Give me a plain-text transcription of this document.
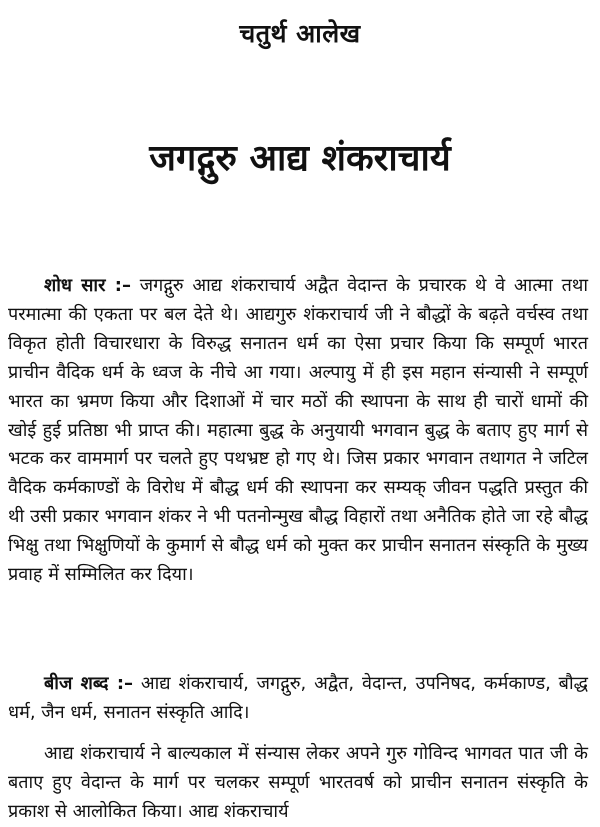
चतुर्थ आलेख
जगद्गुरु आद्य शंकराचार्य

शोध सार :– जगद्गुरु आद्य शंकराचार्य अद्वैत वेदान्त के प्रचारक थे वे आत्मा तथा परमात्मा की एकता पर बल देते थे। आद्यगुरु शंकराचार्य जी ने बौद्धों के बढ़ते वर्चस्व तथा विकृत होती विचारधारा के विरुद्ध सनातन धर्म का ऐसा प्रचार किया कि सम्पूर्ण भारत प्राचीन वैदिक धर्म के ध्वज के नीचे आ गया। अल्पायु में ही इस महान संन्यासी ने सम्पूर्ण भारत का भ्रमण किया और दिशाओं में चार मठों की स्थापना के साथ ही चारों धामों की खोई हुई प्रतिष्ठा भी प्राप्त की। महात्मा बुद्ध के अनुयायी भगवान बुद्ध के बताए हुए मार्ग से भटक कर वाममार्ग पर चलते हुए पथभ्रष्ट हो गए थे। जिस प्रकार भगवान तथागत ने जटिल वैदिक कर्मकाण्डों के विरोध में बौद्ध धर्म की स्थापना कर सम्यक् जीवन पद्धति प्रस्तुत की थी उसी प्रकार भगवान शंकर ने भी पतनोन्मुख बौद्ध विहारों तथा अनैतिक होते जा रहे बौद्ध भिक्षु तथा भिक्षुणियों के कुमार्ग से बौद्ध धर्म को मुक्त कर प्राचीन सनातन संस्कृति के मुख्य प्रवाह में सम्मिलित कर दिया।

बीज शब्द :– आद्य शंकराचार्य, जगद्गुरु, अद्वैत, वेदान्त, उपनिषद, कर्मकाण्ड, बौद्ध धर्म, जैन धर्म, सनातन संस्कृति आदि।

आद्य शंकराचार्य ने बाल्यकाल में संन्यास लेकर अपने गुरु गोविन्द भागवत पात जी के बताए हुए वेदान्त के मार्ग पर चलकर सम्पूर्ण भारतवर्ष को प्राचीन सनातन संस्कृति के प्रकाश से आलोकित किया। आद्य शंकराचार्य
